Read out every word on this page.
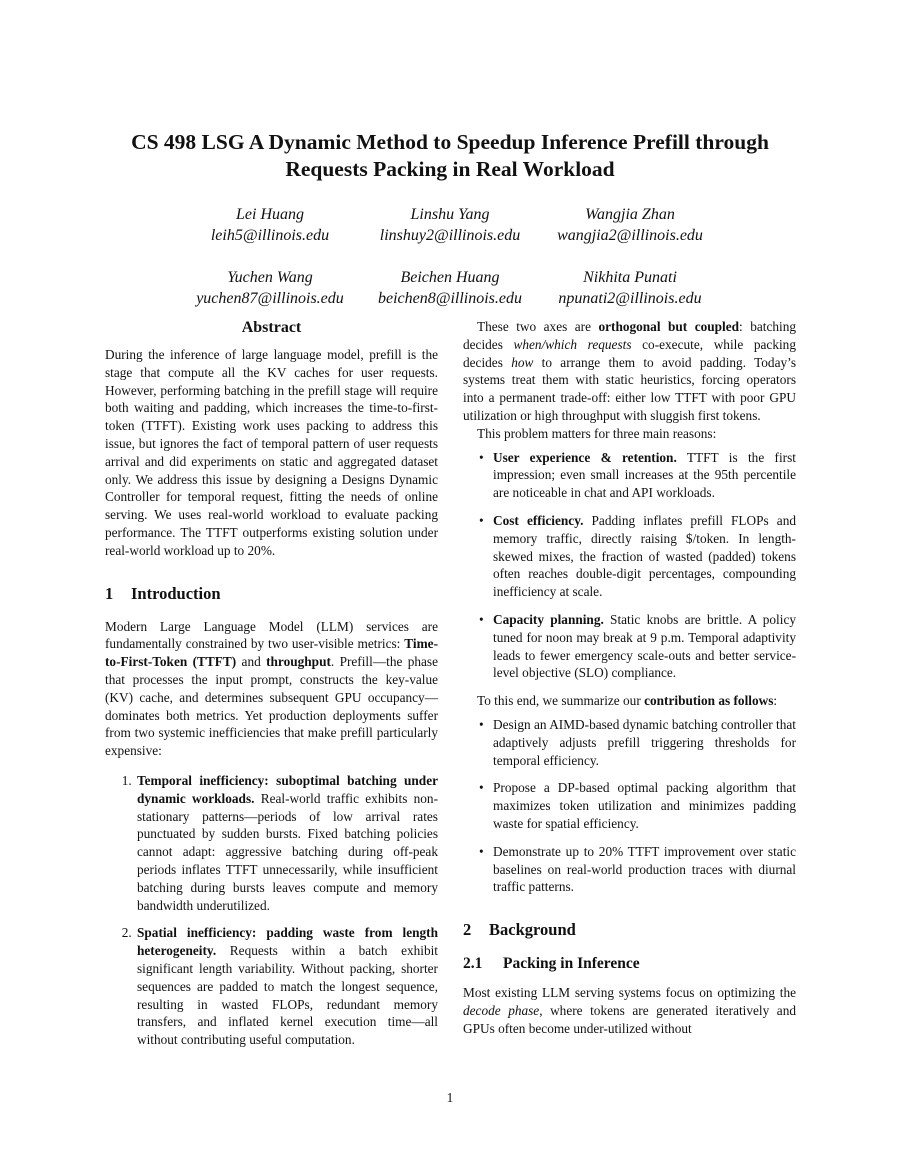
CS 498 LSG A Dynamic Method to Speedup Inference Prefill through Requests Packing in Real Workload
Lei Huang
leih5@illinois.edu
Linshu Yang
linshuy2@illinois.edu
Wangjia Zhan
wangjia2@illinois.edu
Yuchen Wang
yuchen87@illinois.edu
Beichen Huang
beichen8@illinois.edu
Nikhita Punati
npunati2@illinois.edu
Abstract

During the inference of large language model, prefill is the stage that compute all the KV caches for user requests. However, performing batching in the prefill stage will require both waiting and padding, which increases the time-to-first-token (TTFT). Existing work uses packing to address this issue, but ignores the fact of temporal pattern of user requests arrival and did experiments on static and aggregated dataset only. We address this issue by designing a Designs Dynamic Controller for temporal request, fitting the needs of online serving. We uses real-world workload to evaluate packing performance. The TTFT outperforms existing solution under real-world workload up to 20%.

1 Introduction

Modern Large Language Model (LLM) services are fundamentally constrained by two user-visible metrics: Time-to-First-Token (TTFT) and throughput. Prefill—the phase that processes the input prompt, constructs the key-value (KV) cache, and determines subsequent GPU occupancy—dominates both metrics. Yet production deployments suffer from two systemic inefficiencies that make prefill particularly expensive:

1. Temporal inefficiency: suboptimal batching under dynamic workloads. Real-world traffic exhibits non-stationary patterns—periods of low arrival rates punctuated by sudden bursts. Fixed batching policies cannot adapt: aggressive batching during off-peak periods inflates TTFT unnecessarily, while insufficient batching during bursts leaves compute and memory bandwidth underutilized.
2. Spatial inefficiency: padding waste from length heterogeneity. Requests within a batch exhibit significant length variability. Without packing, shorter sequences are padded to match the longest sequence, resulting in wasted FLOPs, redundant memory transfers, and inflated kernel execution time—all without contributing useful computation.

These two axes are orthogonal but coupled: batching decides when/which requests co-execute, while packing decides how to arrange them to avoid padding. Today’s systems treat them with static heuristics, forcing operators into a permanent trade-off: either low TTFT with poor GPU utilization or high throughput with sluggish first tokens.

This problem matters for three main reasons:

• User experience & retention. TTFT is the first impression; even small increases at the 95th percentile are noticeable in chat and API workloads.
• Cost efficiency. Padding inflates prefill FLOPs and memory traffic, directly raising $/token. In length-skewed mixes, the fraction of wasted (padded) tokens often reaches double-digit percentages, compounding inefficiency at scale.
• Capacity planning. Static knobs are brittle. A policy tuned for noon may break at 9 p.m. Temporal adaptivity leads to fewer emergency scale-outs and better service-level objective (SLO) compliance.

To this end, we summarize our contribution as follows:

• Design an AIMD-based dynamic batching controller that adaptively adjusts prefill triggering thresholds for temporal efficiency.
• Propose a DP-based optimal packing algorithm that maximizes token utilization and minimizes padding waste for spatial efficiency.
• Demonstrate up to 20% TTFT improvement over static baselines on real-world production traces with diurnal traffic patterns.
2 Background
2.1 Packing in Inference

Most existing LLM serving systems focus on optimizing the decode phase, where tokens are generated iteratively and GPUs often become under-utilized without

1
